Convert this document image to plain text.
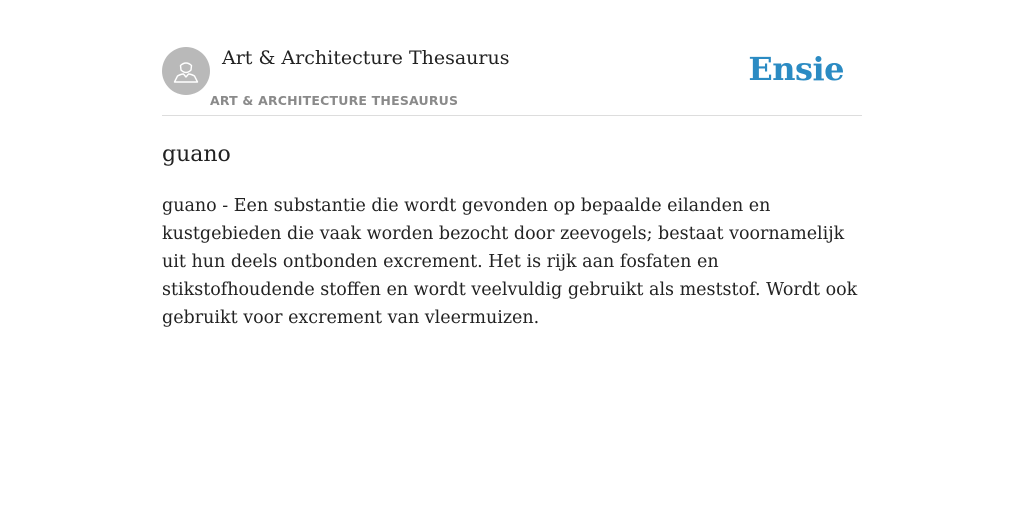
Art & Architecture Thesaurus
ART & ARCHITECTURE THESAURUS
Ensie
guano

guano - Een substantie die wordt gevonden op bepaalde eilanden en kustgebieden die vaak worden bezocht door zeevogels; bestaat voornamelijk uit hun deels ontbonden excrement. Het is rijk aan fosfaten en stikstofhoudende stoffen en wordt veelvuldig gebruikt als meststof. Wordt ook gebruikt voor excrement van vleermuizen.
